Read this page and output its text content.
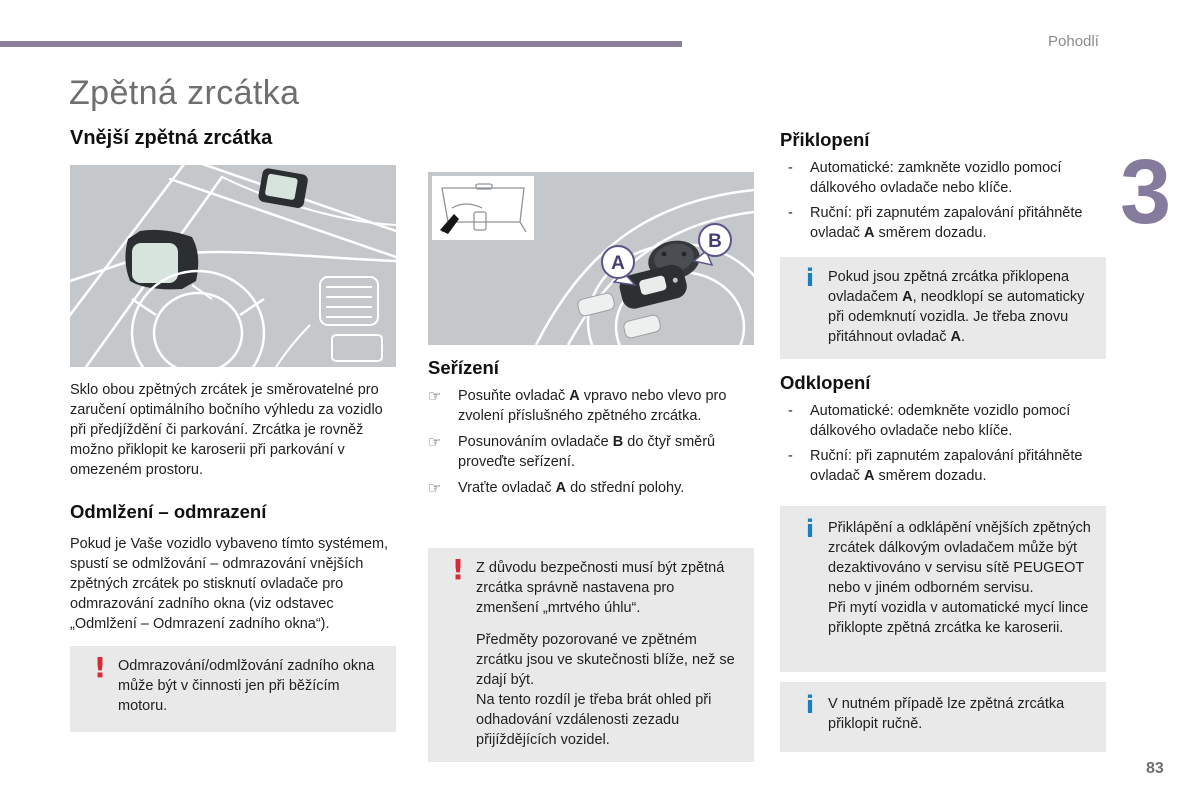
Pohodlí
3
Zpětná zrcátka
Vnější zpětná zrcátka

Sklo obou zpětných zrcátek je směrovatelné pro zaručení optimálního bočního výhledu za vozidlo při předjíždění či parkování. Zrcátka je rovněž možno přiklopit ke karoserii při parkování v omezeném prostoru.

Odmlžení – odmrazení

Pokud je Vaše vozidlo vybaveno tímto systémem, spustí se odmlžování – odmrazování vnějších zpětných zrcátek po stisknutí ovladače pro odmrazování zadního okna (viz odstavec „Odmlžení – Odmrazení zadního okna“).

! Odmrazování/odmlžování zadního okna může být v činnosti jen při běžícím motoru.

A
B
Seřízení
☞	Posuňte ovladač A vpravo nebo vlevo pro zvolení příslušného zpětného zrcátka.

☞	Posunováním ovladače B do čtyř směrů proveďte seřízení.

☞	Vraťte ovladač A do střední polohy.

! Z důvodu bezpečnosti musí být zpětná zrcátka správně nastavena pro zmenšení „mrtvého úhlu“.

Předměty pozorované ve zpětném zrcátku jsou ve skutečnosti blíže, než se zdají být.

Na tento rozdíl je třeba brát ohled při odhadování vzdálenosti zezadu přijíždějících vozidel.

Přiklopení
-	Automatické: zamkněte vozidlo pomocí dálkového ovladače nebo klíče.

-	Ruční: při zapnutém zapalování přitáhněte ovladač A směrem dozadu.

i Pokud jsou zpětná zrcátka přiklopena ovladačem A, neodklopí se automaticky při odemknutí vozidla. Je třeba znovu přitáhnout ovladač A.

Odklopení
-	Automatické: odemkněte vozidlo pomocí dálkového ovladače nebo klíče.

-	Ruční: při zapnutém zapalování přitáhněte ovladač A směrem dozadu.

i Přiklápění a odklápění vnějších zpětných zrcátek dálkovým ovladačem může být dezaktivováno v servisu sítě PEUGEOT nebo v jiném odborném servisu.

Při mytí vozidla v automatické mycí lince přiklopte zpětná zrcátka ke karoserii.

i V nutném případě lze zpětná zrcátka přiklopit ručně.

83
